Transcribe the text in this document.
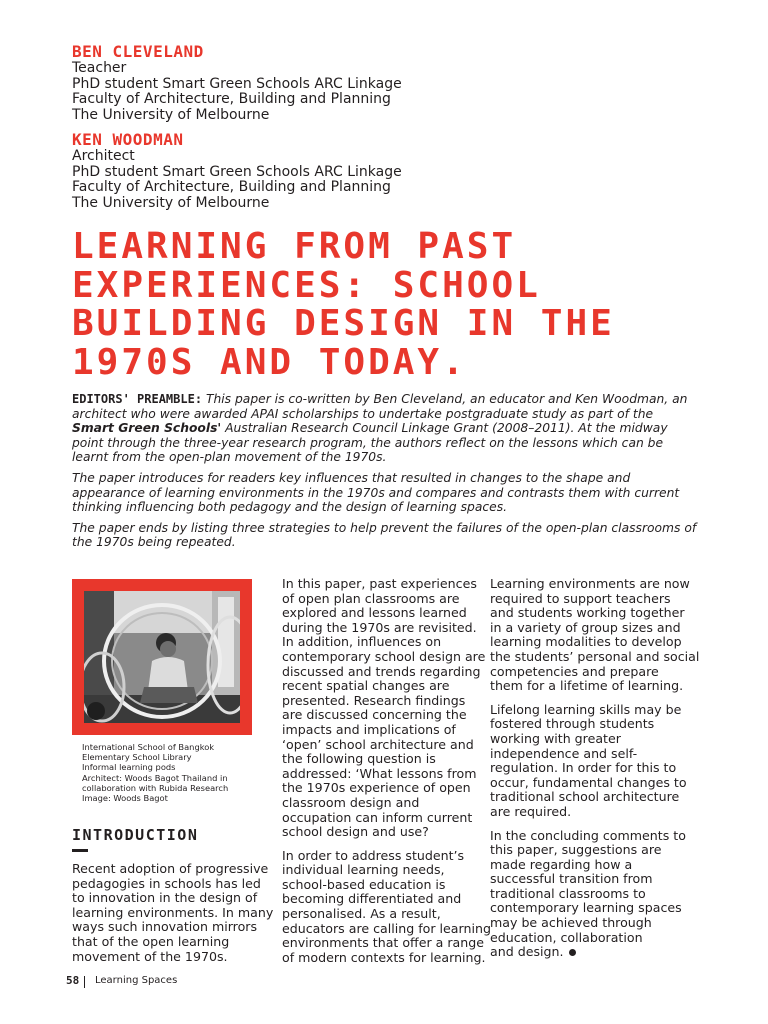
BEN CLEVELAND
Teacher
PhD student Smart Green Schools ARC Linkage
Faculty of Architecture, Building and Planning
The University of Melbourne
KEN WOODMAN
Architect
PhD student Smart Green Schools ARC Linkage
Faculty of Architecture, Building and Planning
The University of Melbourne
LEARNING FROM PAST
EXPERIENCES: SCHOOL
BUILDING DESIGN IN THE
1970S AND TODAY.

EDITORS' PREAMBLE: This paper is co-written by Ben Cleveland, an educator and Ken Woodman, an architect who were awarded APAI scholarships to undertake postgraduate study as part of the Smart Green Schools' Australian Research Council Linkage Grant (2008–2011). At the midway point through the three-year research program, the authors reflect on the lessons which can be learnt from the open-plan movement of the 1970s.

The paper introduces for readers key influences that resulted in changes to the shape and appearance of learning environments in the 1970s and compares and contrasts them with current thinking influencing both pedagogy and the design of learning spaces.

The paper ends by listing three strategies to help prevent the failures of the open-plan classrooms of the 1970s being repeated.

International School of Bangkok
Elementary School Library
Informal learning pods
Architect: Woods Bagot Thailand in
collaboration with Rubida Research
Image: Woods Bagot
INTRODUCTION
Recent adoption of progressive
pedagogies in schools has led
to innovation in the design of
learning environments. In many
ways such innovation mirrors
that of the open learning
movement of the 1970s.
In this paper, past experiences
of open plan classrooms are
explored and lessons learned
during the 1970s are revisited.
In addition, influences on
contemporary school design are
discussed and trends regarding
recent spatial changes are
presented. Research findings
are discussed concerning the
impacts and implications of
‘open’ school architecture and
the following question is
addressed: ‘What lessons from
the 1970s experience of open
classroom design and
occupation can inform current
school design and use?
In order to address student’s
individual learning needs,
school-based education is
becoming differentiated and
personalised. As a result,
educators are calling for learning
environments that offer a range
of modern contexts for learning.
Learning environments are now
required to support teachers
and students working together
in a variety of group sizes and
learning modalities to develop
the students’ personal and social
competencies and prepare
them for a lifetime of learning.
Lifelong learning skills may be
fostered through students
working with greater
independence and self-
regulation. In order for this to
occur, fundamental changes to
traditional school architecture
are required.
In the concluding comments to
this paper, suggestions are
made regarding how a
successful transition from
traditional classrooms to
contemporary learning spaces
may be achieved through
education, collaboration
and design.
58 Learning Spaces
